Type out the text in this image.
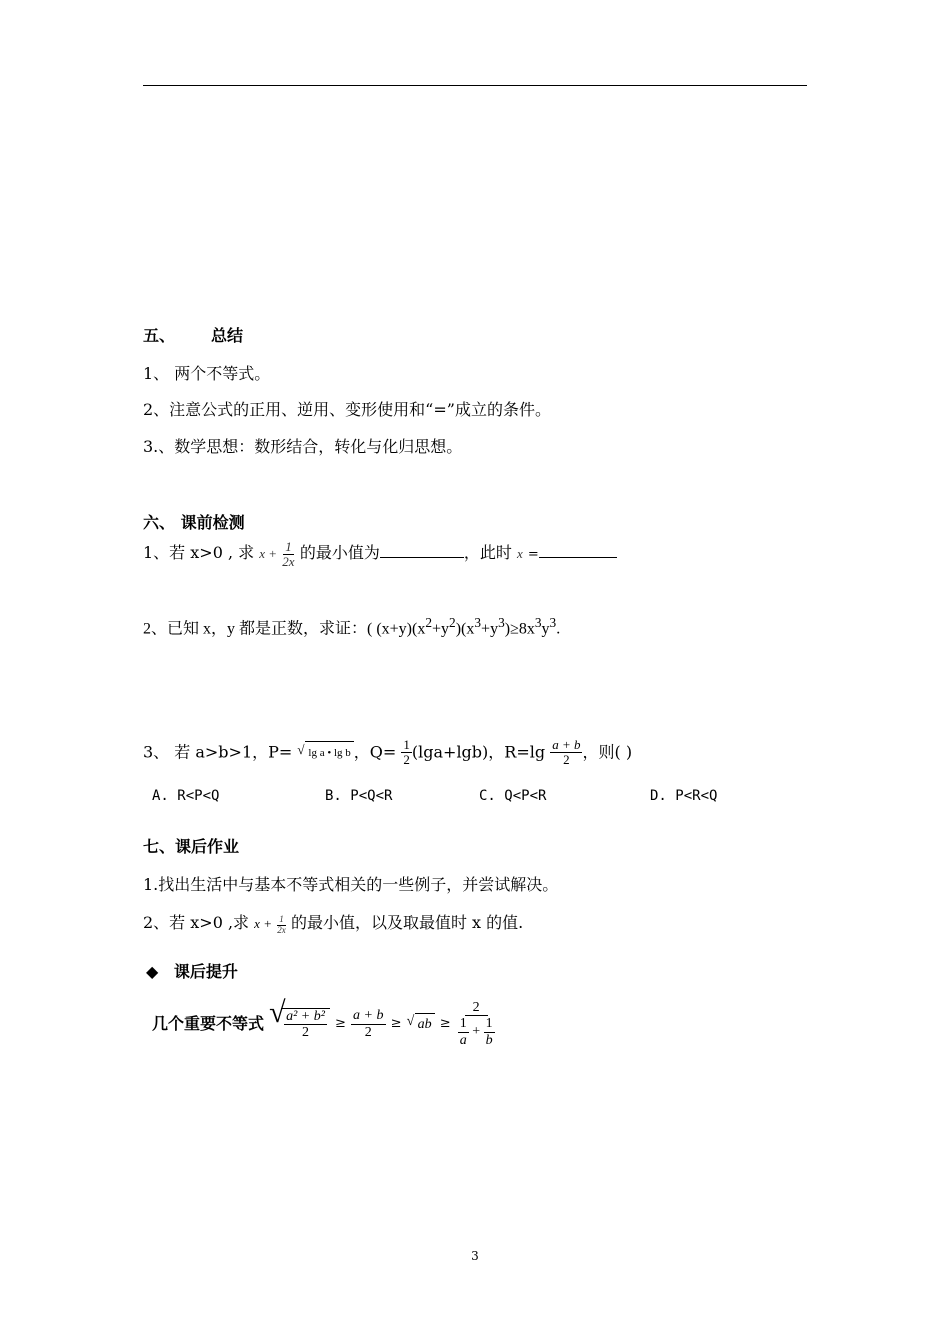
五、 总结
1、 两个不等式。
2、注意公式的正用、逆用、变形使用和“=”成立的条件。
3.、数学思想：数形结合，转化与化归思想。
六、 课前检测
1、若 x>0 , 求 $x + \frac{1}{2x}$ 的最小值为	，此时 x =
2、已知 x，y 都是正数，求证：( $(x+y)(x^2+y^2)(x^3+y^3)\ge 8x^3y^3$.
3、 若 a>b>1，P= √ lg a • lg b ，$Q= \frac{1}{2} (\lg a+\lg b)$，$R=\lg \frac{a + b}{2}$ ，则( )
A. R<P<Q	B. P<Q<R	C. Q<P<R	D. P<R<Q
七、课后作业
1.找出生活中与基本不等式相关的一些例子，并尝试解决。
2、若 x>0 ,求 $x + \frac{1}{2x}$ 的最小值，以及取最值时 x 的值.
◆ 课后提升
几个重要不等式 √
$\frac{\text{a² + b²}}{2} \ge \frac{a + b}{2}$ ≥ √ ab ≥ $\frac{2}{\frac{1}{a} + \frac{1}{b}}$
3
